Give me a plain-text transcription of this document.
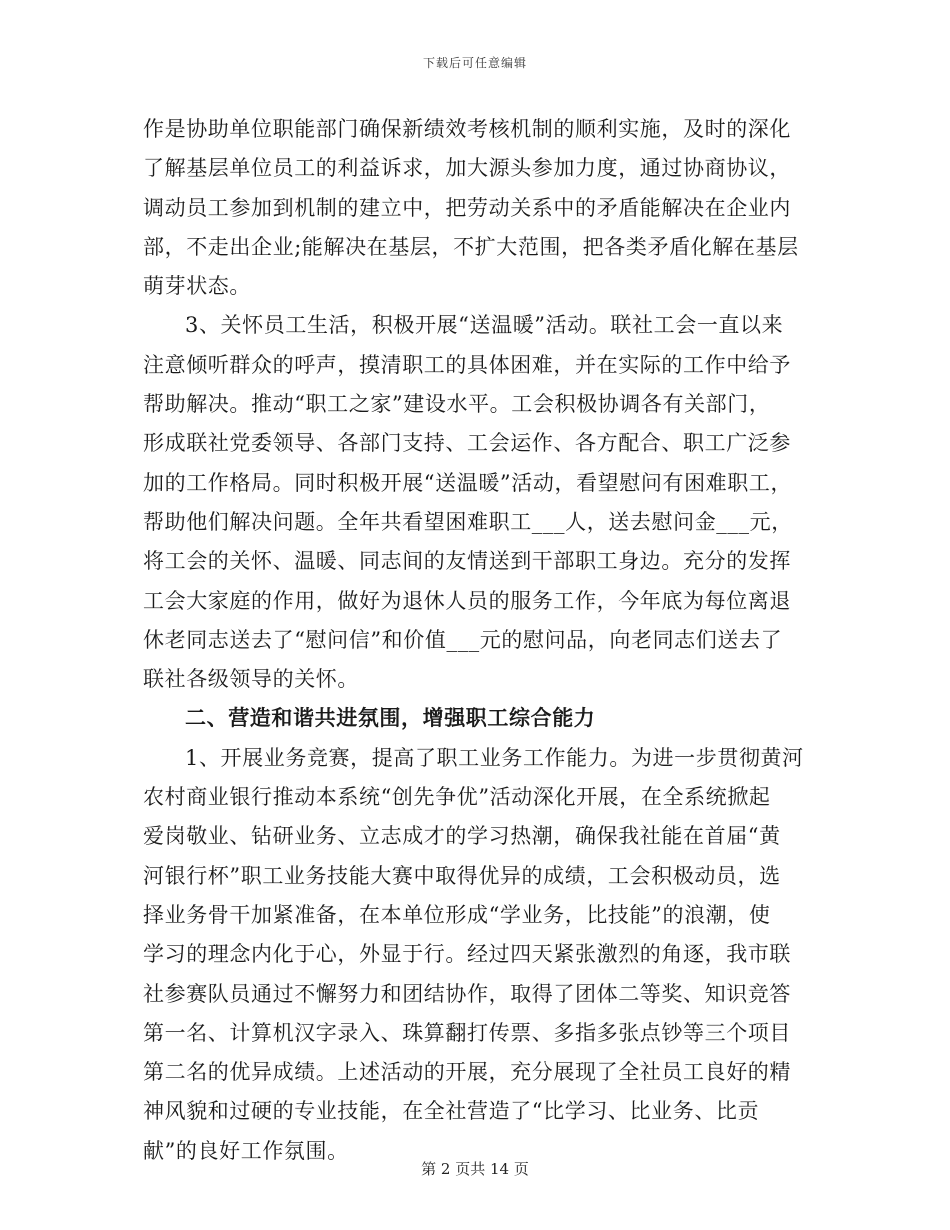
下载后可任意编辑
作是协助单位职能部门确保新绩效考核机制的顺利实施，及时的深化
了解基层单位员工的利益诉求，加大源头参加力度，通过协商协议，
调动员工参加到机制的建立中，把劳动关系中的矛盾能解决在企业内
部，不走出企业;能解决在基层，不扩大范围，把各类矛盾化解在基层
萌芽状态。
3、关怀员工生活，积极开展“送温暖”活动。联社工会一直以来
注意倾听群众的呼声，摸清职工的具体困难，并在实际的工作中给予
帮助解决。推动“职工之家”建设水平。工会积极协调各有关部门，
形成联社党委领导、各部门支持、工会运作、各方配合、职工广泛参
加的工作格局。同时积极开展“送温暖”活动，看望慰问有困难职工，
帮助他们解决问题。全年共看望困难职工___人，送去慰问金___元，
将工会的关怀、温暖、同志间的友情送到干部职工身边。充分的发挥
工会大家庭的作用，做好为退休人员的服务工作，今年底为每位离退
休老同志送去了“慰问信”和价值___元的慰问品，向老同志们送去了
联社各级领导的关怀。
二、营造和谐共进氛围，增强职工综合能力
1、开展业务竞赛，提高了职工业务工作能力。为进一步贯彻黄河
农村商业银行推动本系统“创先争优”活动深化开展，在全系统掀起
爱岗敬业、钻研业务、立志成才的学习热潮，确保我社能在首届“黄
河银行杯”职工业务技能大赛中取得优异的成绩，工会积极动员，选
择业务骨干加紧准备，在本单位形成“学业务，比技能”的浪潮，使
学习的理念内化于心，外显于行。经过四天紧张激烈的角逐，我市联
社参赛队员通过不懈努力和团结协作，取得了团体二等奖、知识竞答
第一名、计算机汉字录入、珠算翻打传票、多指多张点钞等三个项目
第二名的优异成绩。上述活动的开展，充分展现了全社员工良好的精
神风貌和过硬的专业技能，在全社营造了“比学习、比业务、比贡
献”的良好工作氛围。
第 2 页共 14 页
